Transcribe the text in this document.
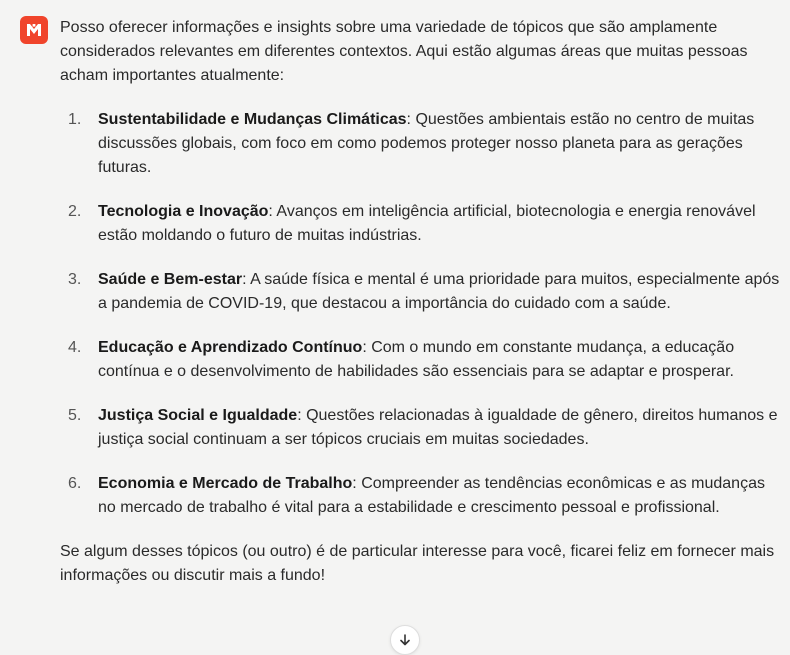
Posso oferecer informações e insights sobre uma variedade de tópicos que são amplamente considerados relevantes em diferentes contextos. Aqui estão algumas áreas que muitas pessoas acham importantes atualmente:

1. Sustentabilidade e Mudanças Climáticas: Questões ambientais estão no centro de muitas discussões globais, com foco em como podemos proteger nosso planeta para as gerações futuras.
2. Tecnologia e Inovação: Avanços em inteligência artificial, biotecnologia e energia renovável estão moldando o futuro de muitas indústrias.
3. Saúde e Bem-estar: A saúde física e mental é uma prioridade para muitos, especialmente após a pandemia de COVID-19, que destacou a importância do cuidado com a saúde.
4. Educação e Aprendizado Contínuo: Com o mundo em constante mudança, a educação contínua e o desenvolvimento de habilidades são essenciais para se adaptar e prosperar.
5. Justiça Social e Igualdade: Questões relacionadas à igualdade de gênero, direitos humanos e justiça social continuam a ser tópicos cruciais em muitas sociedades.
6. Economia e Mercado de Trabalho: Compreender as tendências econômicas e as mudanças no mercado de trabalho é vital para a estabilidade e crescimento pessoal e profissional.

Se algum desses tópicos (ou outro) é de particular interesse para você, ficarei feliz em fornecer mais informações ou discutir mais a fundo!
